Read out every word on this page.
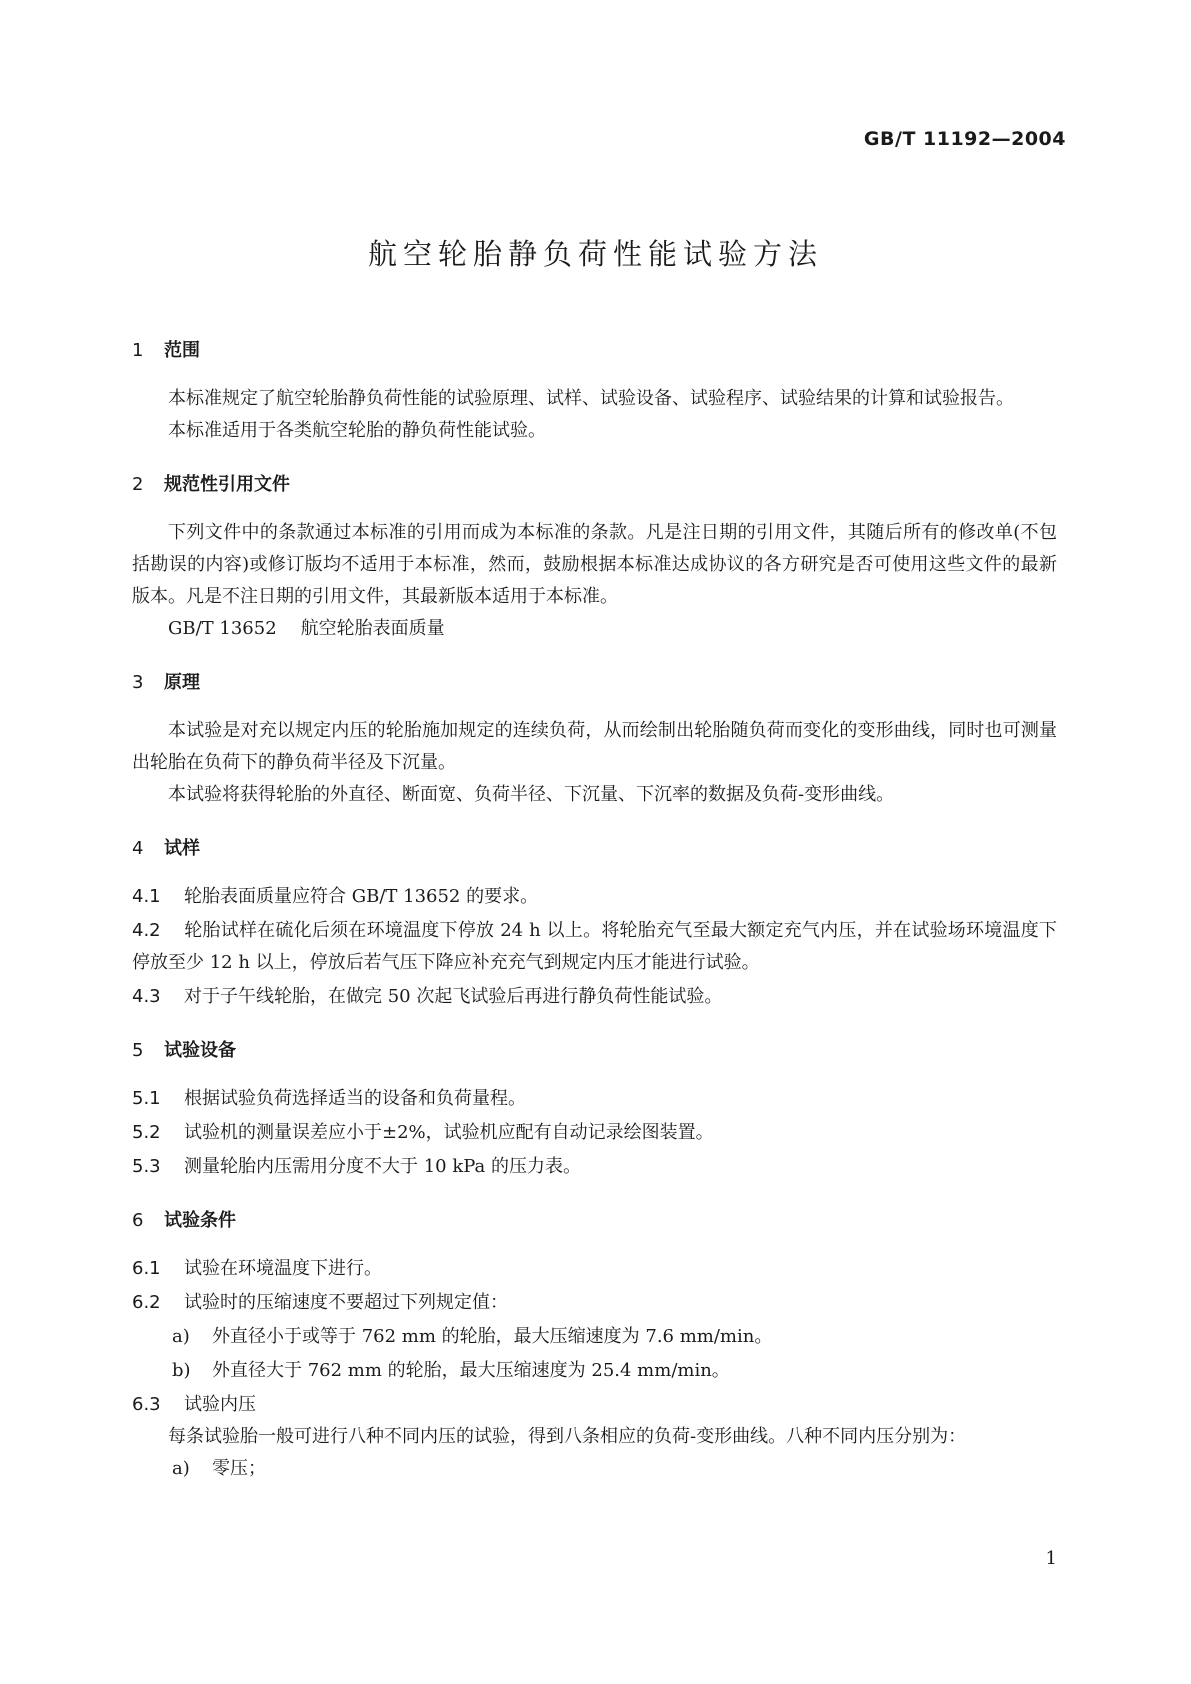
GB/T 11192—2004
航空轮胎静负荷性能试验方法
1 范围

本标准规定了航空轮胎静负荷性能的试验原理、试样、试验设备、试验程序、试验结果的计算和试验报告。

本标准适用于各类航空轮胎的静负荷性能试验。

2 规范性引用文件

下列文件中的条款通过本标准的引用而成为本标准的条款。凡是注日期的引用文件，其随后所有的修改单(不包括勘误的内容)或修订版均不适用于本标准，然而，鼓励根据本标准达成协议的各方研究是否可使用这些文件的最新版本。凡是不注日期的引用文件，其最新版本适用于本标准。

GB/T 13652 航空轮胎表面质量

3 原理

本试验是对充以规定内压的轮胎施加规定的连续负荷，从而绘制出轮胎随负荷而变化的变形曲线，同时也可测量出轮胎在负荷下的静负荷半径及下沉量。

本试验将获得轮胎的外直径、断面宽、负荷半径、下沉量、下沉率的数据及负荷-变形曲线。

4 试样

4.1 轮胎表面质量应符合 GB/T 13652 的要求。

4.2 轮胎试样在硫化后须在环境温度下停放 24 h 以上。将轮胎充气至最大额定充气内压，并在试验场环境温度下停放至少 12 h 以上，停放后若气压下降应补充充气到规定内压才能进行试验。

4.3 对于子午线轮胎，在做完 50 次起飞试验后再进行静负荷性能试验。

5 试验设备

5.1 根据试验负荷选择适当的设备和负荷量程。

5.2 试验机的测量误差应小于±2%，试验机应配有自动记录绘图装置。

5.3 测量轮胎内压需用分度不大于 10 kPa 的压力表。

6 试验条件

6.1 试验在环境温度下进行。

6.2 试验时的压缩速度不要超过下列规定值：

a) 外直径小于或等于 762 mm 的轮胎，最大压缩速度为 7.6 mm/min。

b) 外直径大于 762 mm 的轮胎，最大压缩速度为 25.4 mm/min。

6.3 试验内压

每条试验胎一般可进行八种不同内压的试验，得到八条相应的负荷-变形曲线。八种不同内压分别为：

a) 零压；

1
